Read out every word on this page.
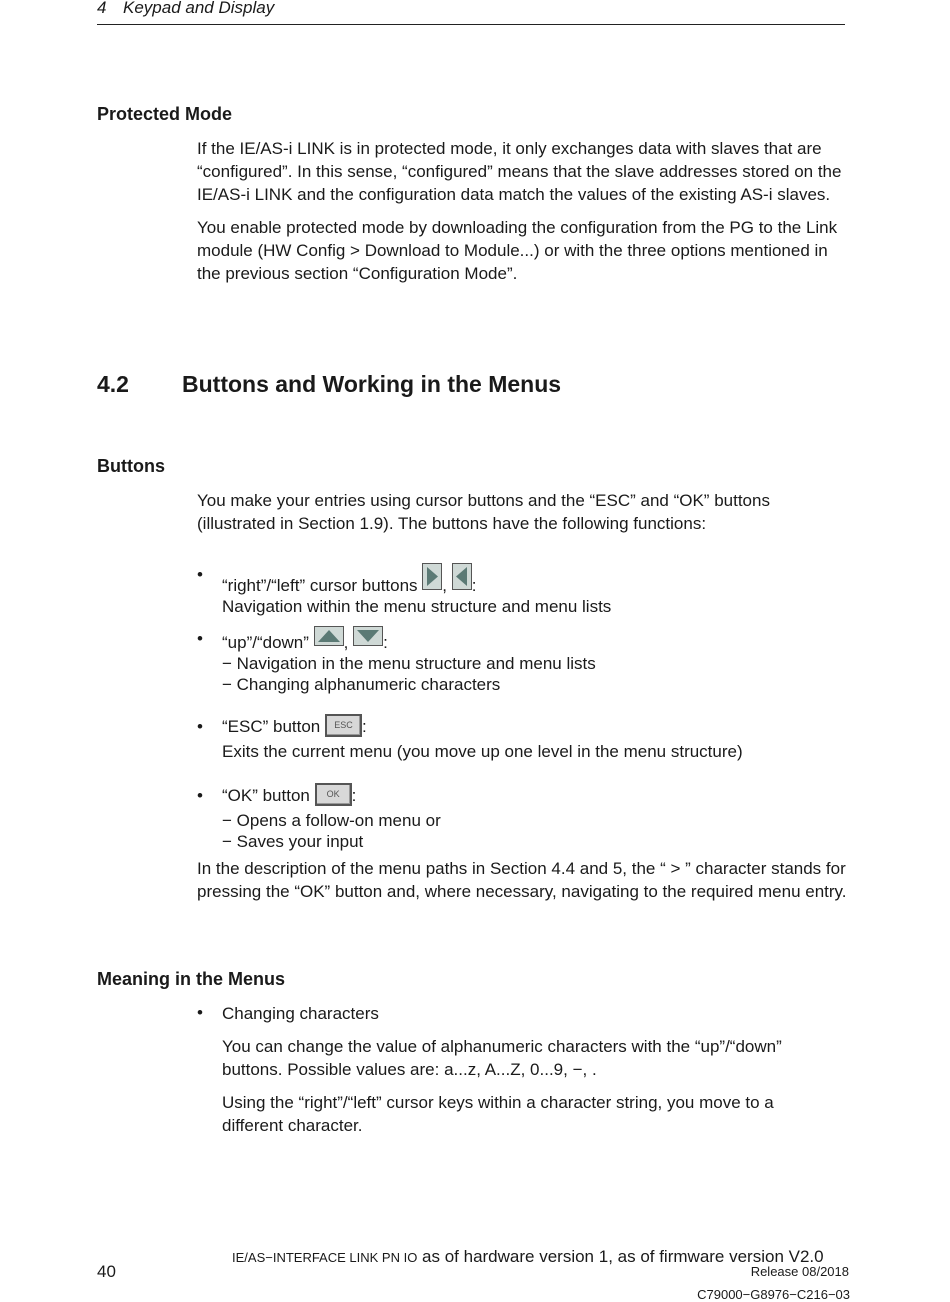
4 Keypad and Display
Protected Mode

If the IE/AS-i LINK is in protected mode, it only exchanges data with slaves that are “configured”. In this sense, “configured” means that the slave addresses stored on the IE/AS-i LINK and the configuration data match the values of the existing AS-i slaves.

You enable protected mode by downloading the configuration from the PG to the Link module (HW Config > Download to Module...) or with the three options mentioned in the previous section “Configuration Mode”.

4.2 Buttons and Working in the Menus
Buttons
You make your entries using cursor buttons and the “ESC” and “OK” buttons (illustrated in Section 1.9). The buttons have the following functions:
•
“right”/“left” cursor buttons
,
:
Navigation within the menu structure and menu lists
• “up”/“down”
,
:
− Navigation in the menu structure and menu lists
− Changing alphanumeric characters
• “ESC” button ESC :
Exits the current menu (you move up one level in the menu structure)
• “OK” button OK :
− Opens a follow-on menu or
− Saves your input
In the description of the menu paths in Section 4.4 and 5, the “ > ” character stands for pressing the “OK” button and, where necessary, navigating to the required menu entry.
Meaning in the Menus
• Changing characters
You can change the value of alphanumeric characters with the “up”/“down” buttons. Possible values are: a...z, A...Z, 0...9, −, .
Using the “right”/“left” cursor keys within a character string, you move to a different character.
40
IE/AS−INTERFACE LINK PN IO as of hardware version 1, as of firmware version V2.0
Release 08/2018
C79000−G8976−C216−03
